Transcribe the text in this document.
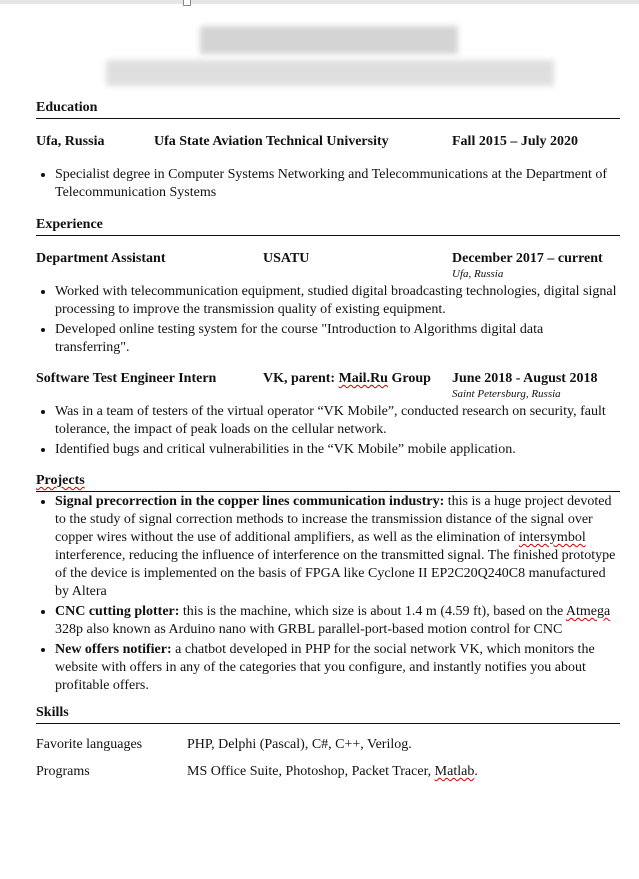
Education
Ufa, Russia	Ufa State Aviation Technical University	Fall 2015 – July 2020
• Specialist degree in Computer Systems Networking and Telecommunications at the Department of Telecommunication Systems
Experience
Department Assistant	USATU	December 2017 – current
Ufa, Russia
• Worked with telecommunication equipment, studied digital broadcasting technologies, digital signal processing to improve the transmission quality of existing equipment.
• Developed online testing system for the course "Introduction to Algorithms digital data transferring".
Software Test Engineer Intern	VK, parent: Mail.Ru Group	June 2018 - August 2018
Saint Petersburg, Russia
• Was in a team of testers of the virtual operator “VK Mobile”, conducted research on security, fault tolerance, the impact of peak loads on the cellular network.
• Identified bugs and critical vulnerabilities in the “VK Mobile” mobile application.
Projects
• Signal precorrection in the copper lines communication industry: this is a huge project devoted to the study of signal correction methods to increase the transmission distance of the signal over copper wires without the use of additional amplifiers, as well as the elimination of intersymbol interference, reducing the influence of interference on the transmitted signal. The finished prototype of the device is implemented on the basis of FPGA like Cyclone II EP2C20Q240C8 manufactured by Altera
• CNC cutting plotter: this is the machine, which size is about 1.4 m (4.59 ft), based on the Atmega 328p also known as Arduino nano with GRBL parallel-port-based motion control for CNC
• New offers notifier: a chatbot developed in PHP for the social network VK, which monitors the website with offers in any of the categories that you configure, and instantly notifies you about profitable offers.
Skills
Favorite languages	PHP, Delphi (Pascal), C#, C++, Verilog.
Programs	MS Office Suite, Photoshop, Packet Tracer, Matlab.
